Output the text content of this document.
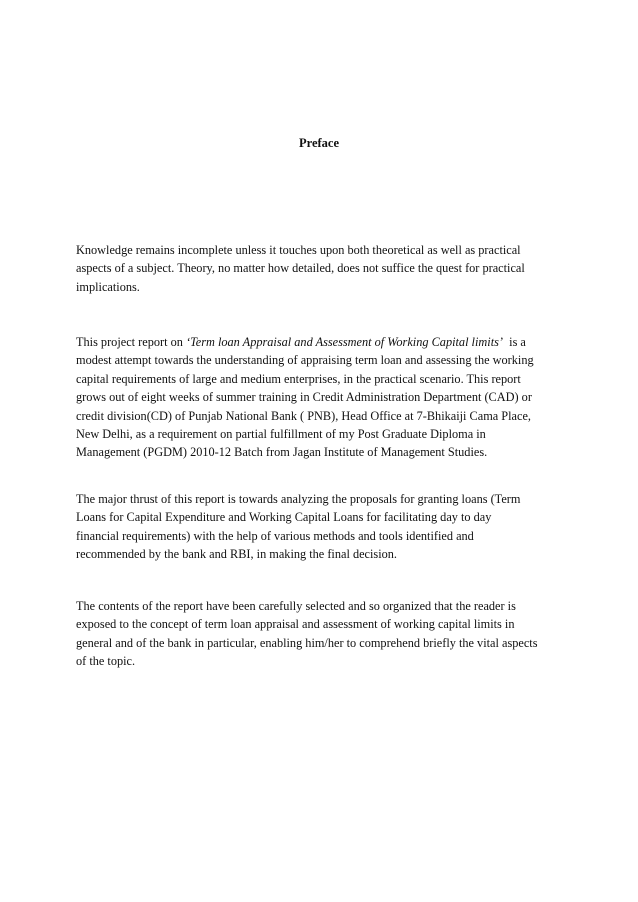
Preface

Knowledge remains incomplete unless it touches upon both theoretical as well as practical
aspects of a subject. Theory, no matter how detailed, does not suffice the quest for practical
implications.

This project report on ‘Term loan Appraisal and Assessment of Working Capital limits’  is a
modest attempt towards the understanding of appraising term loan and assessing the working
capital requirements of large and medium enterprises, in the practical scenario. This report
grows out of eight weeks of summer training in Credit Administration Department (CAD) or
credit division(CD) of Punjab National Bank ( PNB), Head Office at 7-Bhikaiji Cama Place,
New Delhi, as a requirement on partial fulfillment of my Post Graduate Diploma in
Management (PGDM) 2010-12 Batch from Jagan Institute of Management Studies.

The major thrust of this report is towards analyzing the proposals for granting loans (Term
Loans for Capital Expenditure and Working Capital Loans for facilitating day to day
financial requirements) with the help of various methods and tools identified and
recommended by the bank and RBI, in making the final decision.

The contents of the report have been carefully selected and so organized that the reader is
exposed to the concept of term loan appraisal and assessment of working capital limits in
general and of the bank in particular, enabling him/her to comprehend briefly the vital aspects
of the topic.
